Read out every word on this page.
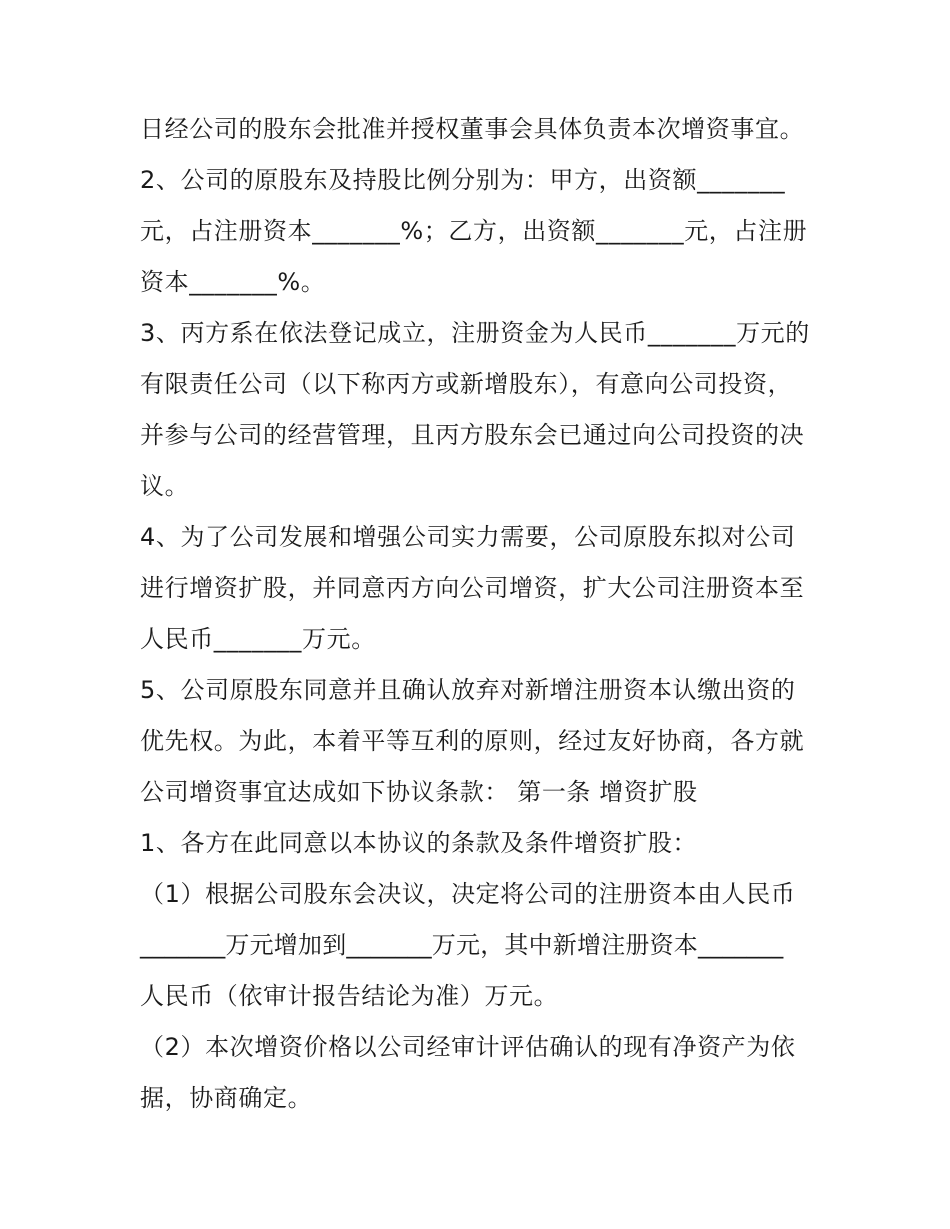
日经公司的股东会批准并授权董事会具体负责本次增资事宜。
2、公司的原股东及持股比例分别为：甲方，出资额_______
元，占注册资本_______%；乙方，出资额_______元，占注册
资本_______%。
3、丙方系在依法登记成立，注册资金为人民币_______万元的
有限责任公司（以下称丙方或新增股东），有意向公司投资，
并参与公司的经营管理，且丙方股东会已通过向公司投资的决
议。
4、为了公司发展和增强公司实力需要，公司原股东拟对公司
进行增资扩股，并同意丙方向公司增资，扩大公司注册资本至
人民币_______万元。
5、公司原股东同意并且确认放弃对新增注册资本认缴出资的
优先权。为此，本着平等互利的原则，经过友好协商，各方就
公司增资事宜达成如下协议条款： 第一条 增资扩股
1、各方在此同意以本协议的条款及条件增资扩股：
（1）根据公司股东会决议，决定将公司的注册资本由人民币
_______万元增加到_______万元，其中新增注册资本_______
人民币（依审计报告结论为准）万元。
（2）本次增资价格以公司经审计评估确认的现有净资产为依
据，协商确定。
